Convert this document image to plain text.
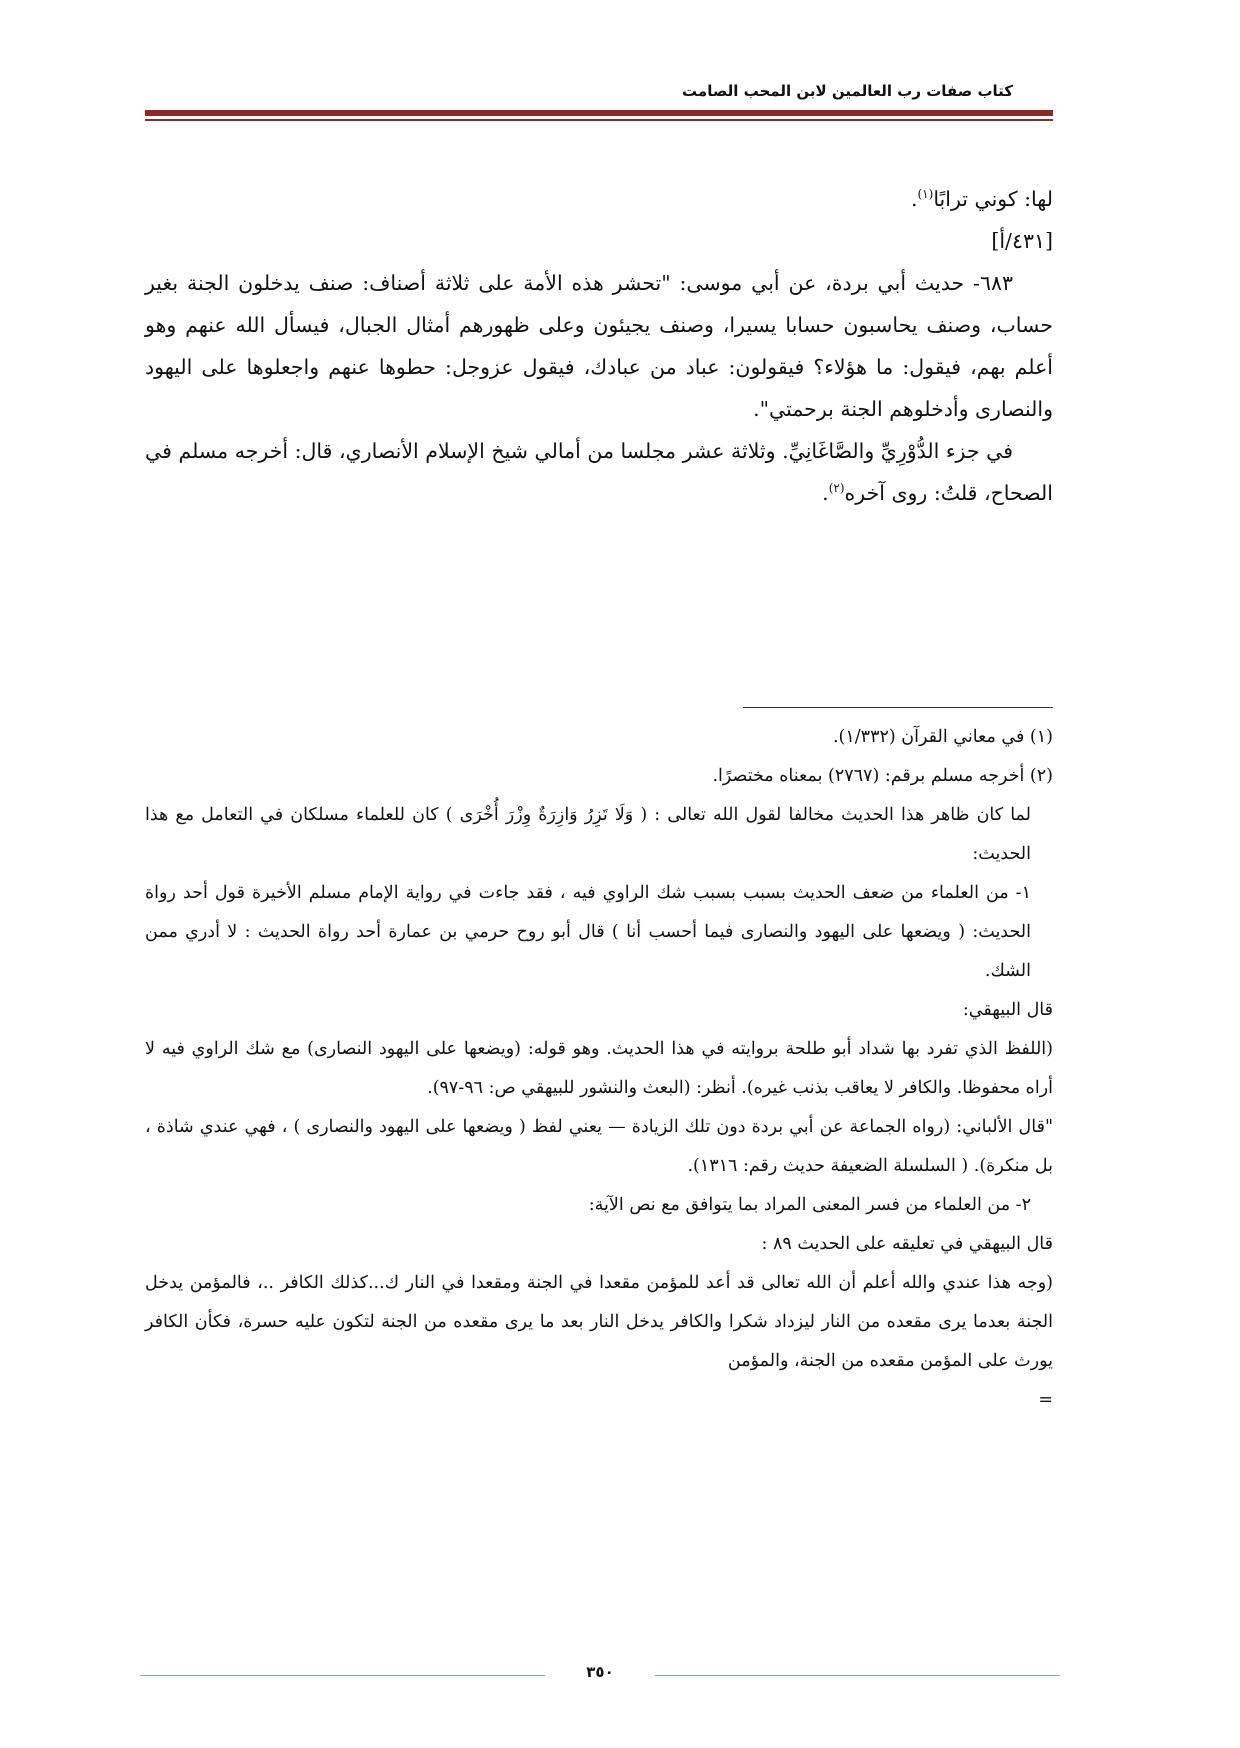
كتاب صفات رب العالمين لابن المحب الصامت

لها: كوني ترابًا$^{(١)}$.

[٤٣١/أ]

٦٨٣- حديث أبي بردة، عن أبي موسى: "تحشر هذه الأمة على ثلاثة أصناف: صنف يدخلون الجنة بغير حساب، وصنف يحاسبون حسابا يسيرا، وصنف يجيئون وعلى ظهورهم أمثال الجبال، فيسأل الله عنهم وهو أعلم بهم، فيقول: ما هؤلاء؟ فيقولون: عباد من عبادك، فيقول عزوجل: حطوها عنهم واجعلوها على اليهود والنصارى وأدخلوهم الجنة برحمتي".

في جزء الدُّوْرِيِّ والصَّاغَانِيِّ. وثلاثة عشر مجلسا من أمالي شيخ الإسلام الأنصاري، قال: أخرجه مسلم في الصحاح، قلتُ: روى آخره$^{(٢)}$.

(١) في معاني القرآن (١/٣٣٢).

(٢) أخرجه مسلم برقم: (٢٧٦٧) بمعناه مختصرًا.

لما كان ظاهر هذا الحديث مخالفا لقول الله تعالى : ( وَلَا تَزِرُ وَازِرَةٌ وِزْرَ أُخْرَى ) كان للعلماء مسلكان في التعامل مع هذا الحديث:

١- من العلماء من ضعف الحديث بسبب بسبب شك الراوي فيه ، فقد جاءت في رواية الإمام مسلم الأخيرة قول أحد رواة الحديث: ( ويضعها على اليهود والنصارى فيما أحسب أنا ) قال أبو روح حرمي بن عمارة أحد رواة الحديث : لا أدري ممن الشك.

قال البيهقي:

(اللفظ الذي تفرد بها شداد أبو طلحة بروايته في هذا الحديث. وهو قوله: (ويضعها على اليهود النصارى) مع شك الراوي فيه لا أراه محفوظا. والكافر لا يعاقب بذنب غيره). أنظر: (البعث والنشور للبيهقي ص: ٩٦-٩٧).

"قال الألباني: (رواه الجماعة عن أبي بردة دون تلك الزيادة — يعني لفظ ( ويضعها على اليهود والنصارى ) ، فهي عندي شاذة ، بل منكرة). ( السلسلة الضعيفة حديث رقم: ١٣١٦).

٢- من العلماء من فسر المعنى المراد بما يتوافق مع نص الآية:

قال البيهقي في تعليقه على الحديث ٨٩ :

(وجه هذا عندي والله أعلم أن الله تعالى قد أعد للمؤمن مقعدا في الجنة ومقعدا في النار ك...كذلك الكافر ..، فالمؤمن يدخل الجنة بعدما يرى مقعده من النار ليزداد شكرا والكافر يدخل النار بعد ما يرى مقعده من الجنة لتكون عليه حسرة، فكأن الكافر يورث على المؤمن مقعده من الجنة، والمؤمن

=

٣٥٠
